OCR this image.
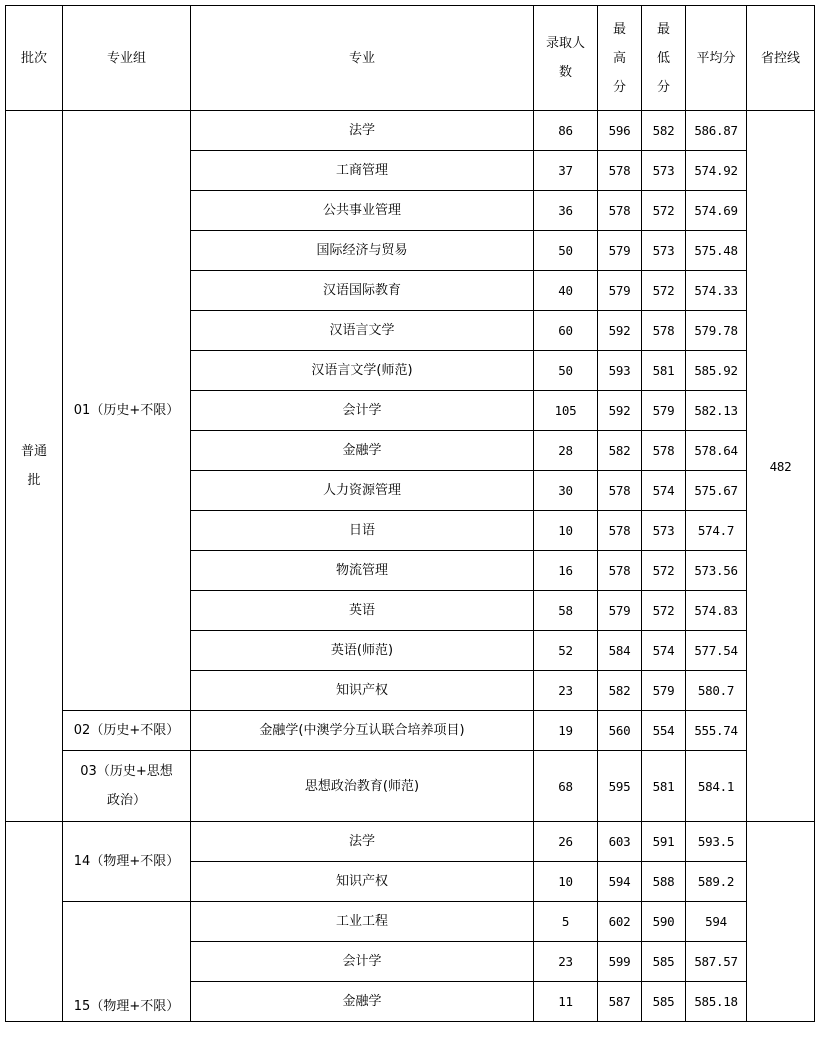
批次	专业组	专业	录取人数	最高分	最低分	平均分	省控线

普通批	01（历史+不限）	法学	86	596	582	586.87	482
		工商管理	37	578	573	574.92	
		公共事业管理	36	578	572	574.69	
		国际经济与贸易	50	579	573	575.48	
		汉语国际教育	40	579	572	574.33	
		汉语言文学	60	592	578	579.78	
		汉语言文学(师范)	50	593	581	585.92	
		会计学	105	592	579	582.13	
		金融学	28	582	578	578.64	
		人力资源管理	30	578	574	575.67	
		日语	10	578	573	574.7	
		物流管理	16	578	572	573.56	
		英语	58	579	572	574.83	
		英语(师范)	52	584	574	577.54	
		知识产权	23	582	579	580.7	

	02（历史+不限）	金融学(中澳学分互认联合培养项目)	19	560	554	555.74	

	03（历史+思想政治）	思想政治教育(师范)	68	595	581	584.1	

	14（物理+不限）	法学	26	603	591	593.5	
		知识产权	10	594	588	589.2	

	15（物理+不限）	工业工程	5	602	590	594	
		会计学	23	599	585	587.57	
		金融学	11	587	585	585.18	
